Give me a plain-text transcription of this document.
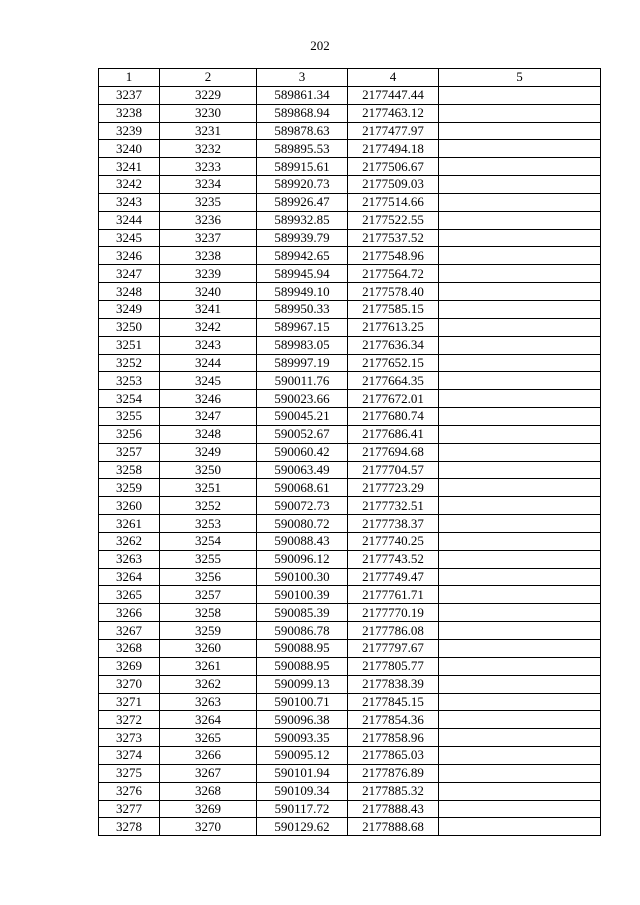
202
1	2	3	4	5
3237	3229	589861.34	2177447.44	
3238	3230	589868.94	2177463.12	
3239	3231	589878.63	2177477.97	
3240	3232	589895.53	2177494.18	
3241	3233	589915.61	2177506.67	
3242	3234	589920.73	2177509.03	
3243	3235	589926.47	2177514.66	
3244	3236	589932.85	2177522.55	
3245	3237	589939.79	2177537.52	
3246	3238	589942.65	2177548.96	
3247	3239	589945.94	2177564.72	
3248	3240	589949.10	2177578.40	
3249	3241	589950.33	2177585.15	
3250	3242	589967.15	2177613.25	
3251	3243	589983.05	2177636.34	
3252	3244	589997.19	2177652.15	
3253	3245	590011.76	2177664.35	
3254	3246	590023.66	2177672.01	
3255	3247	590045.21	2177680.74	
3256	3248	590052.67	2177686.41	
3257	3249	590060.42	2177694.68	
3258	3250	590063.49	2177704.57	
3259	3251	590068.61	2177723.29	
3260	3252	590072.73	2177732.51	
3261	3253	590080.72	2177738.37	
3262	3254	590088.43	2177740.25	
3263	3255	590096.12	2177743.52	
3264	3256	590100.30	2177749.47	
3265	3257	590100.39	2177761.71	
3266	3258	590085.39	2177770.19	
3267	3259	590086.78	2177786.08	
3268	3260	590088.95	2177797.67	
3269	3261	590088.95	2177805.77	
3270	3262	590099.13	2177838.39	
3271	3263	590100.71	2177845.15	
3272	3264	590096.38	2177854.36	
3273	3265	590093.35	2177858.96	
3274	3266	590095.12	2177865.03	
3275	3267	590101.94	2177876.89	
3276	3268	590109.34	2177885.32	
3277	3269	590117.72	2177888.43	
3278	3270	590129.62	2177888.68	
